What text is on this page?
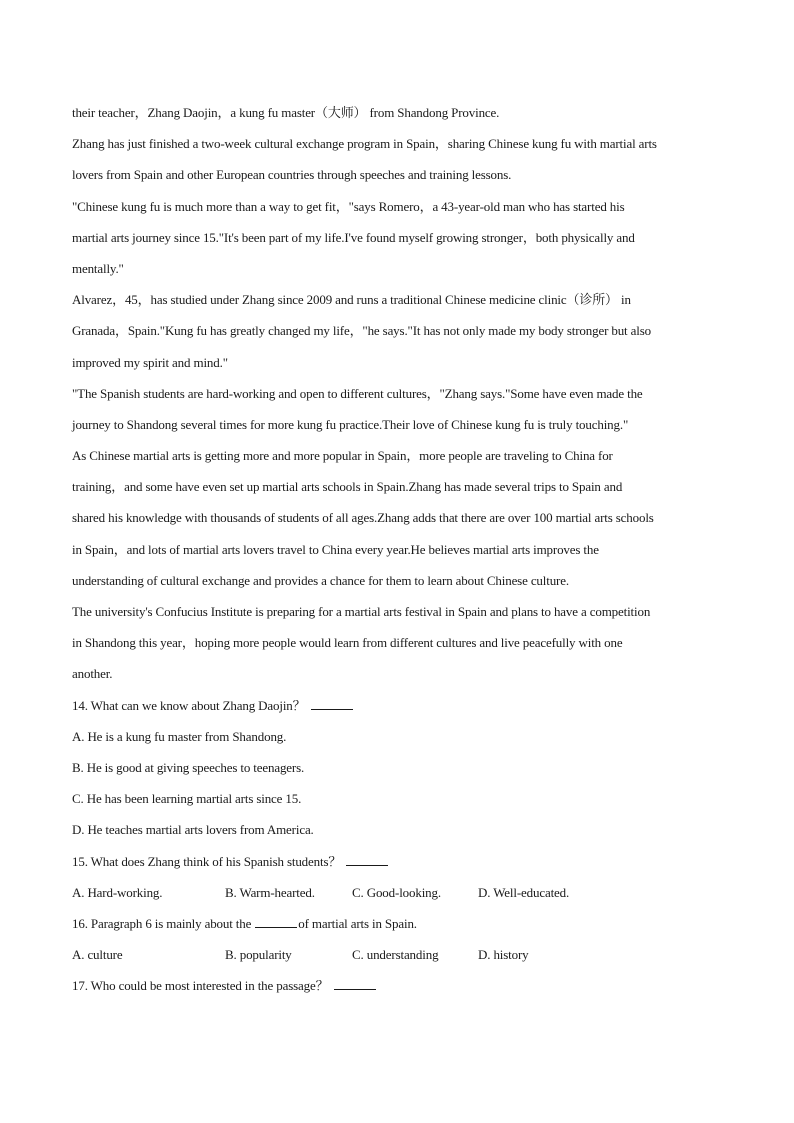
their teacher，Zhang Daojin，a kung fu master（大师） from Shandong Province.
Zhang has just finished a two-week cultural exchange program in Spain，sharing Chinese kung fu with martial arts
lovers from Spain and other European countries through speeches and training lessons.
"Chinese kung fu is much more than a way to get fit，"says Romero，a 43-year-old man who has started his
martial arts journey since 15."It's been part of my life.I've found myself growing stronger，both physically and
mentally."
Alvarez，45，has studied under Zhang since 2009 and runs a traditional Chinese medicine clinic（诊所） in
Granada，Spain."Kung fu has greatly changed my life，"he says."It has not only made my body stronger but also
improved my spirit and mind."
"The Spanish students are hard-working and open to different cultures，"Zhang says."Some have even made the
journey to Shandong several times for more kung fu practice.Their love of Chinese kung fu is truly touching."
As Chinese martial arts is getting more and more popular in Spain，more people are traveling to China for
training，and some have even set up martial arts schools in Spain.Zhang has made several trips to Spain and
shared his knowledge with thousands of students of all ages.Zhang adds that there are over 100 martial arts schools
in Spain，and lots of martial arts lovers travel to China every year.He believes martial arts improves the
understanding of cultural exchange and provides a chance for them to learn about Chinese culture.
The university's Confucius Institute is preparing for a martial arts festival in Spain and plans to have a competition
in Shandong this year，hoping more people would learn from different cultures and live peacefully with one
another.
14. What can we know about Zhang Daojin？
A. He is a kung fu master from Shandong.
B. He is good at giving speeches to teenagers.
C. He has been learning martial arts since 15.
D. He teaches martial arts lovers from America.
15. What does Zhang think of his Spanish students？
A. Hard-working.	B. Warm-hearted.	C. Good-looking.	D. Well-educated.
16. Paragraph 6 is mainly about the	of martial arts in Spain.
A. culture	B. popularity	C. understanding	D. history
17. Who could be most interested in the passage？
